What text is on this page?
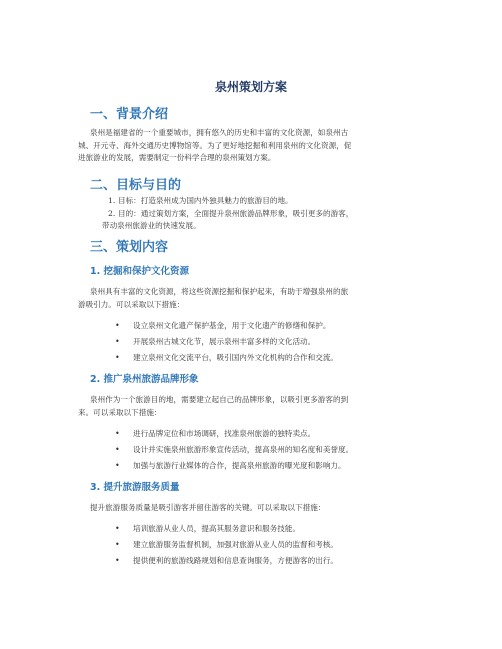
泉州策划方案
一、背景介绍
泉州是福建省的一个重要城市，拥有悠久的历史和丰富的文化资源，如泉州古
城、开元寺、海外交通历史博物馆等。为了更好地挖掘和利用泉州的文化资源，促
进旅游业的发展，需要制定一份科学合理的泉州策划方案。
二、目标与目的
1. 目标：打造泉州成为国内外独具魅力的旅游目的地。
2. 目的：通过策划方案，全面提升泉州旅游品牌形象，吸引更多的游客，
带动泉州旅游业的快速发展。
三、策划内容
1. 挖掘和保护文化资源
泉州具有丰富的文化资源，将这些资源挖掘和保护起来，有助于增强泉州的旅
游吸引力。可以采取以下措施：
• 设立泉州文化遗产保护基金，用于文化遗产的修缮和保护。
• 开展泉州古城文化节，展示泉州丰富多样的文化活动。
• 建立泉州文化交流平台，吸引国内外文化机构的合作和交流。
2. 推广泉州旅游品牌形象
泉州作为一个旅游目的地，需要建立起自己的品牌形象，以吸引更多游客的到
来。可以采取以下措施：
• 进行品牌定位和市场调研，找准泉州旅游的独特卖点。
• 设计并实施泉州旅游形象宣传活动，提高泉州的知名度和美誉度。
• 加强与旅游行业媒体的合作，提高泉州旅游的曝光度和影响力。
3. 提升旅游服务质量
提升旅游服务质量是吸引游客并留住游客的关键。可以采取以下措施：
• 培训旅游从业人员，提高其服务意识和服务技能。
• 建立旅游服务监督机制，加强对旅游从业人员的监督和考核。
• 提供便利的旅游线路规划和信息查询服务，方便游客的出行。
